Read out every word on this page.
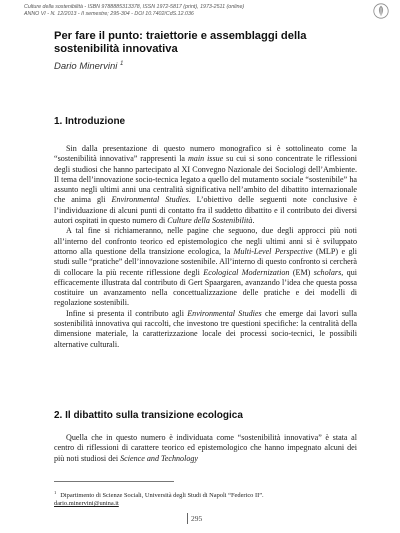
Culture della sostenibilità - ISBN 9788885313378, ISSN 1972-5817 (print), 1973-2511 (online)
ANNO VI - N. 12/2013 - II semestre; 295-304 - DOI 10.7402/CdS.12.036
Per fare il punto: traiettorie e assemblaggi della sostenibilità innovativa
Dario Minervini $^1$
1. Introduzione

Sin dalla presentazione di questo numero monografico si è sottolineato come la “sostenibilità innovativa” rappresenti la main issue su cui si sono concentrate le riflessioni degli studiosi che hanno partecipato al XI Convegno Nazionale dei Sociologi dell’Ambiente. Il tema dell’innovazione socio-tecnica legato a quello del mutamento sociale “sostenibile” ha assunto negli ultimi anni una centralità significativa nell’ambito del dibattito internazionale che anima gli Environmental Studies. L’obiettivo delle seguenti note conclusive è l’individuazione di alcuni punti di contatto fra il suddetto dibattito e il contributo dei diversi autori ospitati in questo numero di Culture della Sostenibilità.

A tal fine si richiameranno, nelle pagine che seguono, due degli approcci più noti all’interno del confronto teorico ed epistemologico che negli ultimi anni si è sviluppato attorno alla questione della transizione ecologica, la Multi-Level Perspective (MLP) e gli studi sulle “pratiche” dell’innovazione sostenibile. All’interno di questo confronto si cercherà di collocare la più recente riflessione degli Ecological Modernization (EM) scholars, qui efficacemente illustrata dal contributo di Gert Spaargaren, avanzando l’idea che questa possa costituire un avanzamento nella concettualizzazione delle pratiche e dei modelli di regolazione sostenibili.

Infine si presenta il contributo agli Environmental Studies che emerge dai lavori sulla sostenibilità innovativa qui raccolti, che investono tre questioni specifiche: la centralità della dimensione materiale, la caratterizzazione locale dei processi socio-tecnici, le possibili alternative culturali.

2. Il dibattito sulla transizione ecologica

Quella che in questo numero è individuata come “sostenibilità innovativa” è stata al centro di riflessioni di carattere teorico ed epistemologico che hanno impegnato alcuni dei più noti studiosi dei Science and Technology

$^1$ Dipartimento di Scienze Sociali, Università degli Studi di Napoli “Federico II”.
dario.minervini@unina.it
295
